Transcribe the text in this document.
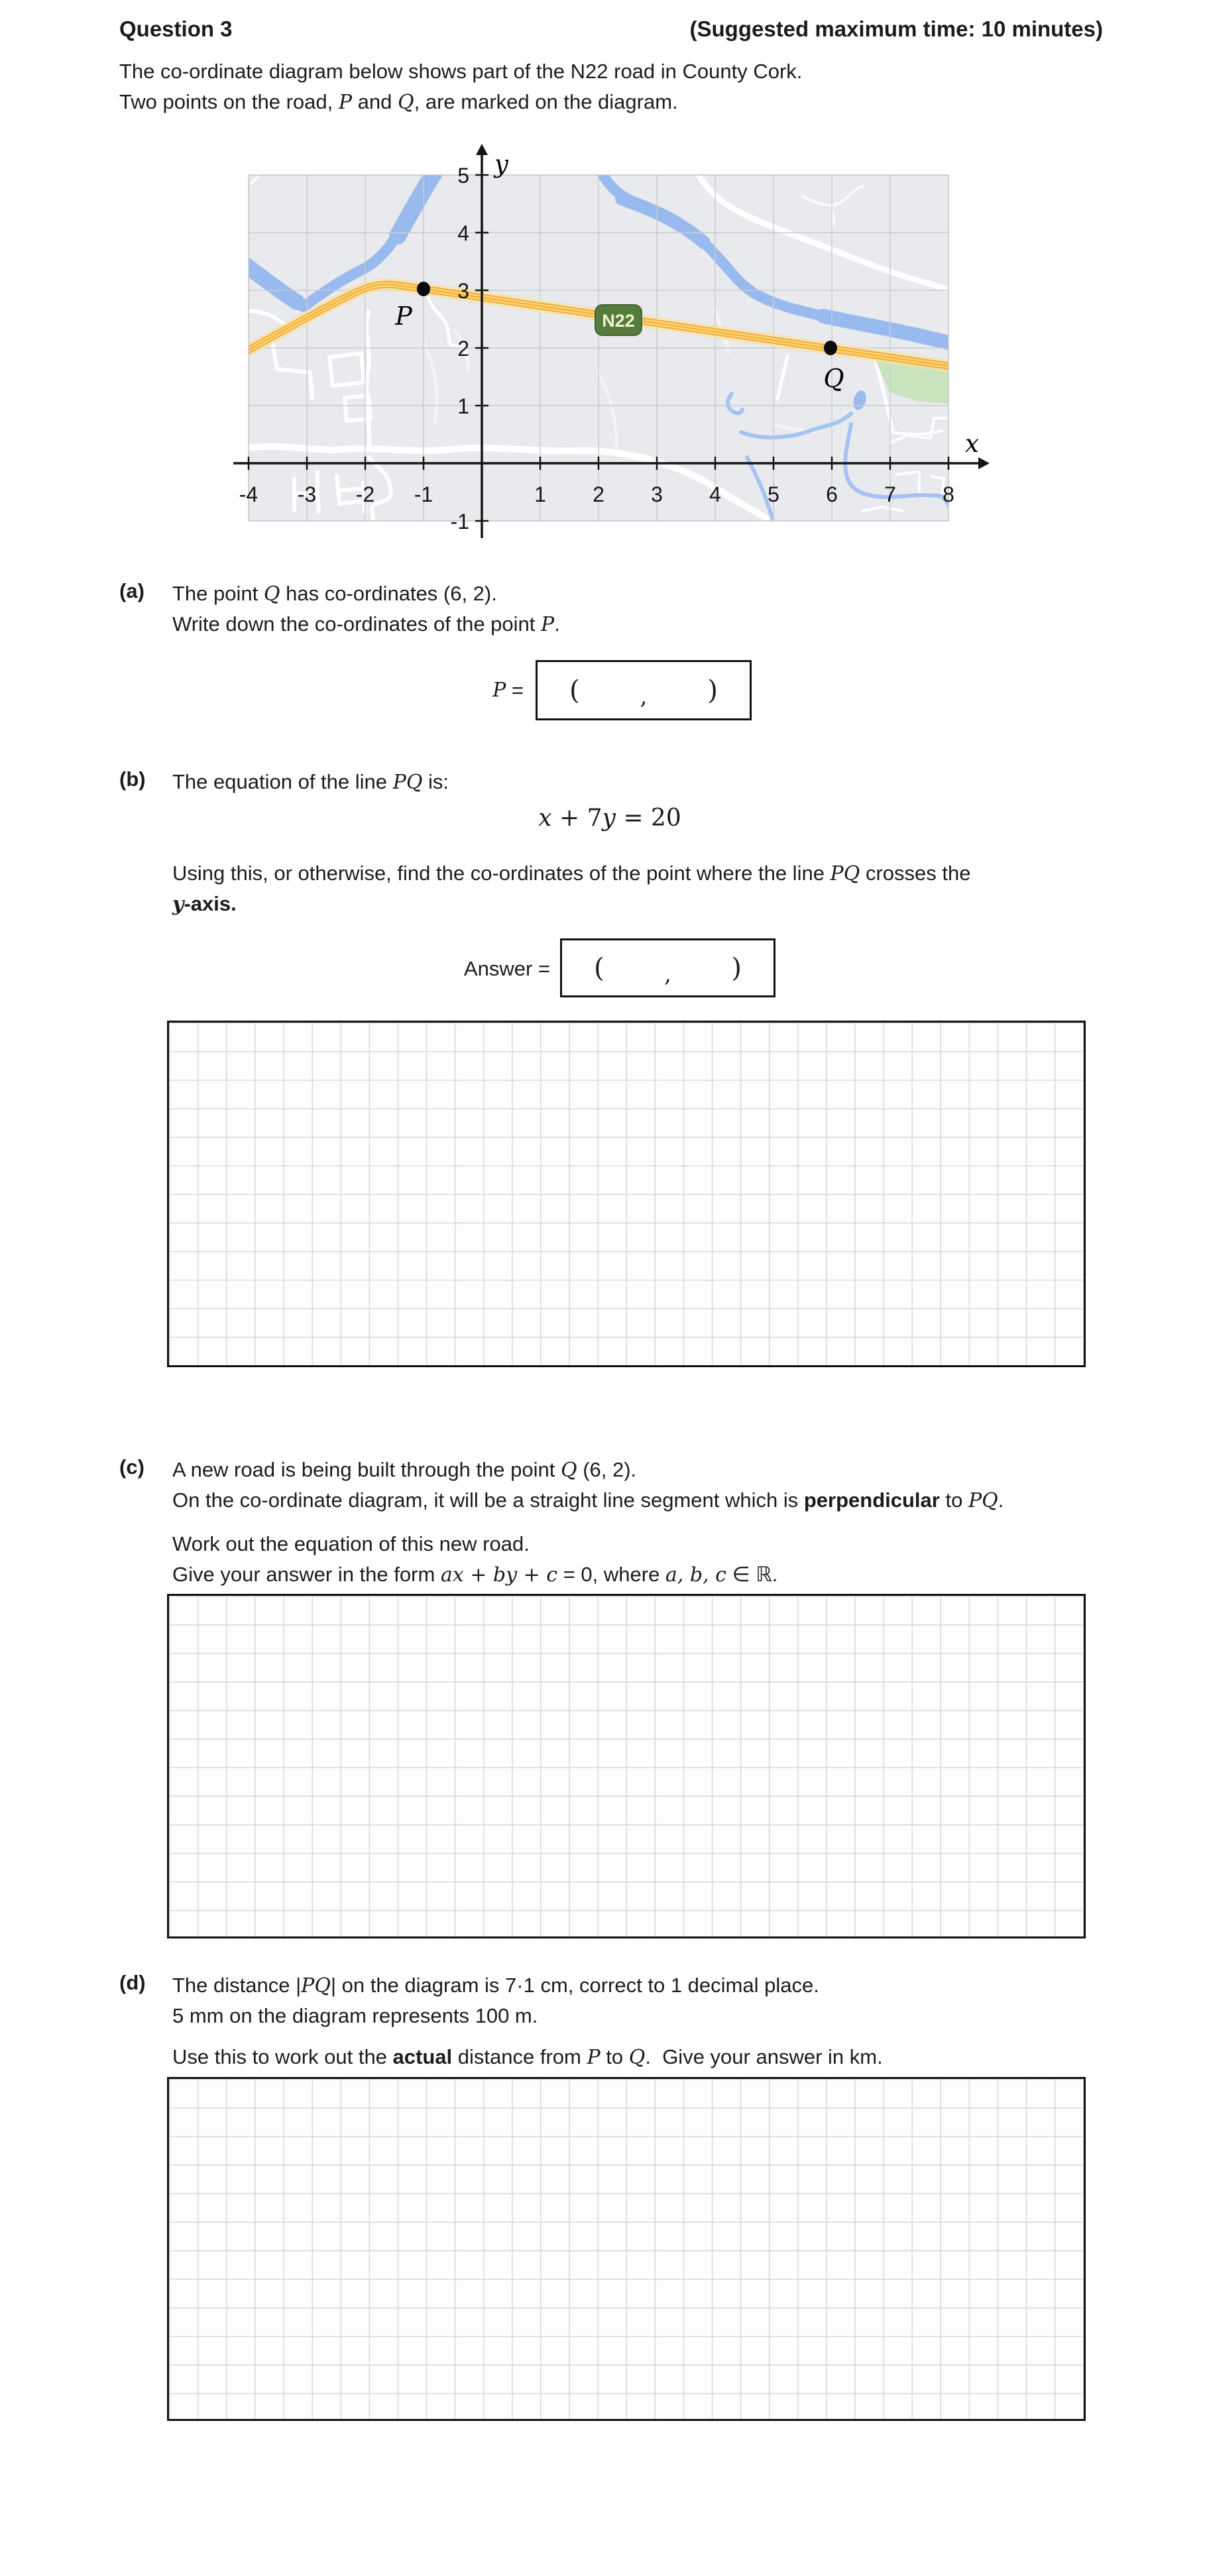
Question 3	(Suggested maximum time: 10 minutes)
The co-ordinate diagram below shows part of the N22 road in County Cork.
Two points on the road, P and Q, are marked on the diagram.
N22
-4 -3 -2 -1	1 2 3 4 5 6 7 8
5
4
3
2
1
-1
y
x
P
Q
(a) The point Q has co-ordinates (6, 2).
Write down the co-ordinates of the point P.
P = (	, )
(b) The equation of the line PQ is:
x + 7y = 20
Using this, or otherwise, find the co-ordinates of the point where the line PQ crosses the
y-axis.
Answer = (	, )
(c) A new road is being built through the point Q (6, 2).
On the co-ordinate diagram, it will be a straight line segment which is perpendicular to PQ.
Work out the equation of this new road.
Give your answer in the form ax + by + c = 0, where a, b, c ∈ ℝ.
(d) The distance |PQ| on the diagram is 7·1 cm, correct to 1 decimal place.
5 mm on the diagram represents 100 m.
Use this to work out the actual distance from P to Q.  Give your answer in km.
